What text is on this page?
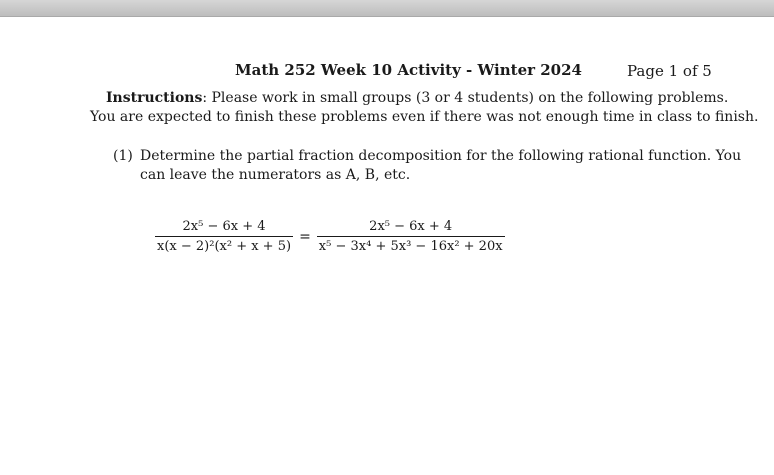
Math 252 Week 10 Activity - Winter 2024	Page 1 of 5
Instructions: Please work in small groups (3 or 4 students) on the following problems.
You are expected to finish these problems even if there was not enough time in class to finish.
(1) Determine the partial fraction decomposition for the following rational function. You
can leave the numerators as A, B, etc.
$\frac{\text{2x⁵ − 6x + 4}}{\text{x(x − 2)²(x² + x + 5)}} = \frac{\text{2x⁵ − 6x + 4}}{\text{x⁵ − 3x⁴ + 5x³ − 16x² + 20x}}$
